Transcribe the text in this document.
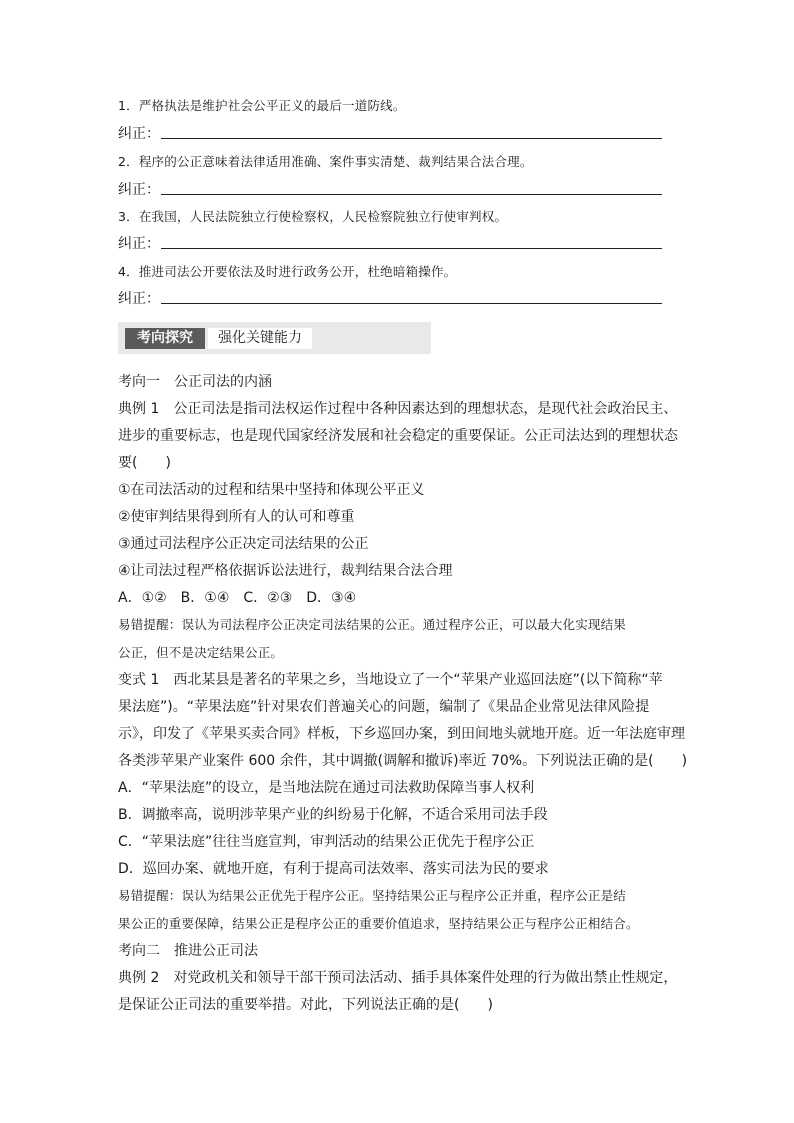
1．严格执法是维护社会公平正义的最后一道防线。
纠正：
2．程序的公正意味着法律适用准确、案件事实清楚、裁判结果合法合理。
纠正：
3．在我国，人民法院独立行使检察权，人民检察院独立行使审判权。
纠正：
4．推进司法公开要依法及时进行政务公开，杜绝暗箱操作。
纠正：
考向探究	强化关键能力
考向一　公正司法的内涵
典例 1　公正司法是指司法权运作过程中各种因素达到的理想状态，是现代社会政治民主、
进步的重要标志，也是现代国家经济发展和社会稳定的重要保证。公正司法达到的理想状态
要(　　)
①在司法活动的过程和结果中坚持和体现公平正义
②使审判结果得到所有人的认可和尊重
③通过司法程序公正决定司法结果的公正
④让司法过程严格依据诉讼法进行，裁判结果合法合理
A．①②　B．①④　C．②③　D．③④
易错提醒：误认为司法程序公正决定司法结果的公正。通过程序公正，可以最大化实现结果
公正，但不是决定结果公正。
变式 1　西北某县是著名的苹果之乡，当地设立了一个“苹果产业巡回法庭”(以下简称“苹
果法庭”)。“苹果法庭”针对果农们普遍关心的问题，编制了《果品企业常见法律风险提
示》，印发了《苹果买卖合同》样板，下乡巡回办案，到田间地头就地开庭。近一年法庭审理
各类涉苹果产业案件 600 余件，其中调撤(调解和撤诉)率近 70%。下列说法正确的是(　　)
A．“苹果法庭”的设立，是当地法院在通过司法救助保障当事人权利
B．调撤率高，说明涉苹果产业的纠纷易于化解，不适合采用司法手段
C．“苹果法庭”往往当庭宣判，审判活动的结果公正优先于程序公正
D．巡回办案、就地开庭，有利于提高司法效率、落实司法为民的要求
易错提醒：误认为结果公正优先于程序公正。坚持结果公正与程序公正并重，程序公正是结
果公正的重要保障，结果公正是程序公正的重要价值追求，坚持结果公正与程序公正相结合。
考向二　推进公正司法
典例 2　对党政机关和领导干部干预司法活动、插手具体案件处理的行为做出禁止性规定，
是保证公正司法的重要举措。对此，下列说法正确的是(　　)
